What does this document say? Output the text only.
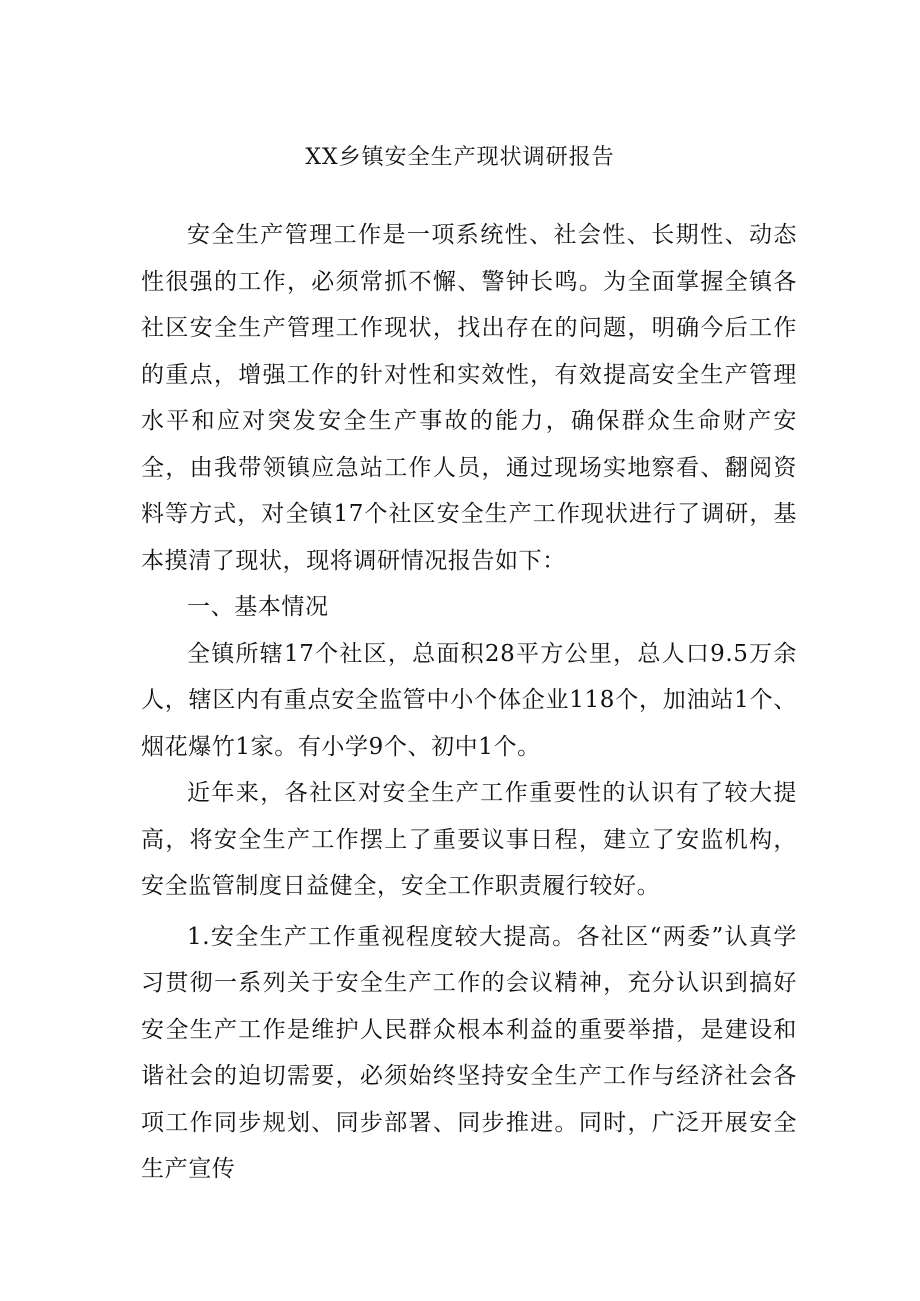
XX乡镇安全生产现状调研报告

安全生产管理工作是一项系统性、社会性、长期性、动态性很强的工作，必须常抓不懈、警钟长鸣。为全面掌握全镇各社区安全生产管理工作现状，找出存在的问题，明确今后工作的重点，增强工作的针对性和实效性，有效提高安全生产管理水平和应对突发安全生产事故的能力，确保群众生命财产安全，由我带领镇应急站工作人员，通过现场实地察看、翻阅资料等方式，对全镇17个社区安全生产工作现状进行了调研，基本摸清了现状，现将调研情况报告如下：

一、基本情况

全镇所辖17个社区，总面积28平方公里，总人口9.5万余人，辖区内有重点安全监管中小个体企业118个，加油站1个、烟花爆竹1家。有小学9个、初中1个。

近年来，各社区对安全生产工作重要性的认识有了较大提高，将安全生产工作摆上了重要议事日程，建立了安监机构，安全监管制度日益健全，安全工作职责履行较好。

1.安全生产工作重视程度较大提高。各社区“两委”认真学习贯彻一系列关于安全生产工作的会议精神，充分认识到搞好安全生产工作是维护人民群众根本利益的重要举措，是建设和谐社会的迫切需要，必须始终坚持安全生产工作与经济社会各项工作同步规划、同步部署、同步推进。同时，广泛开展安全生产宣传
